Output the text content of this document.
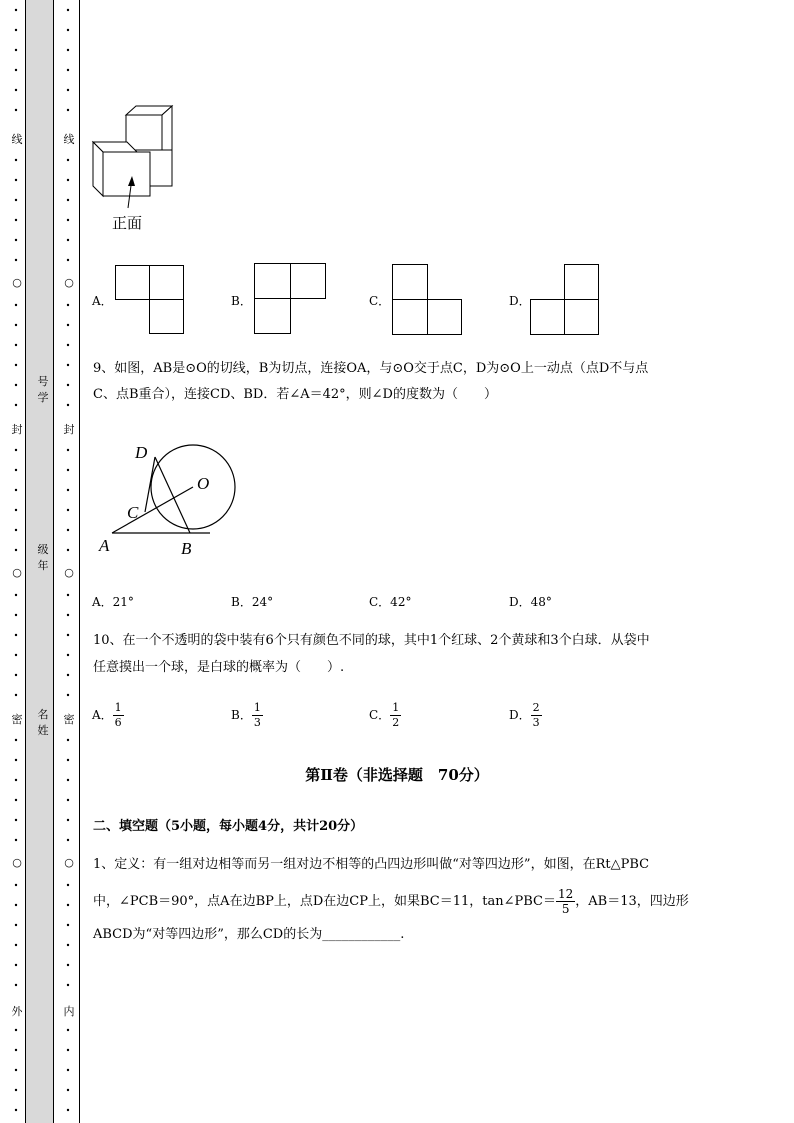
线
○
封
○
密
○
外
号学
级年
名姓
线
○
封
○
密
○
内
正面
A．	B．	C．	D．
9、如图，AB是⊙O的切线，B为切点，连接OA，与⊙O交于点C，D为⊙O上一动点（点D不与点
C、点B重合），连接CD、BD．若∠A＝42°，则∠D的度数为（　　）
D
O
C
A	B
A．21°	B．24°	C．42°	D．48°
10、在一个不透明的袋中装有6个只有颜色不同的球，其中1个红球、2个黄球和3个白球．从袋中
任意摸出一个球，是白球的概率为（　　）.
A． $\frac{1}{6}$	B． $\frac{1}{3}$	C． $\frac{1}{2}$	D． $\frac{2}{3}$
第Ⅱ卷（非选择题　70分）
二、填空题（5小题，每小题4分，共计20分）
1、定义：有一组对边相等而另一组对边不相等的凸四边形叫做“对等四边形”，如图，在Rt△PBC
中，∠PCB＝90°，点A在边BP上，点D在边CP上，如果BC＝11，tan∠PBC＝ $\frac{12}{5}$ ，AB＝13，四边形
ABCD为“对等四边形”，那么CD的长为____________.
